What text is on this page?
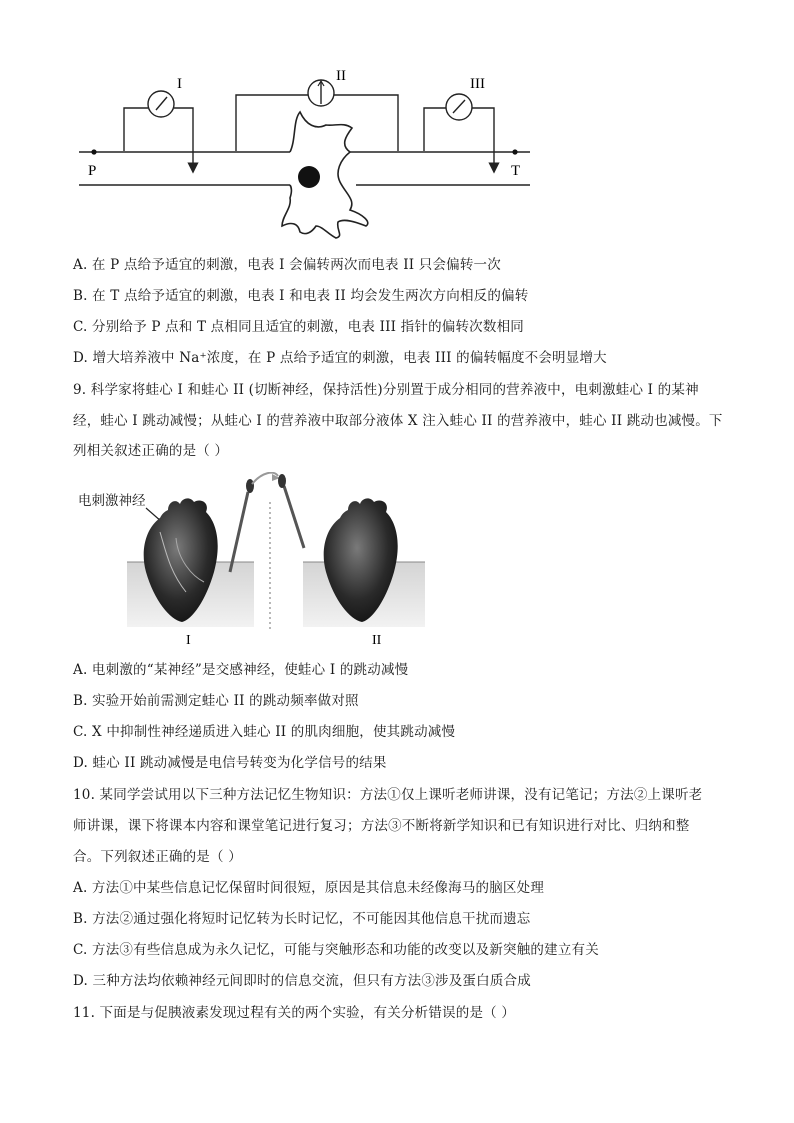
I	II	III
P	T
A. 在 P 点给予适宜的刺激，电表 I 会偏转两次而电表 II 只会偏转一次
B. 在 T 点给予适宜的刺激，电表 I 和电表 II 均会发生两次方向相反的偏转
C. 分别给予 P 点和 T 点相同且适宜的刺激，电表 III 指针的偏转次数相同
D. 增大培养液中 Na⁺浓度，在 P 点给予适宜的刺激，电表 III 的偏转幅度不会明显增大
9. 科学家将蛙心 I 和蛙心 II (切断神经，保持活性)分别置于成分相同的营养液中，电刺激蛙心 I 的某神
经，蛙心 I 跳动减慢；从蛙心 I 的营养液中取部分液体 X 注入蛙心 II 的营养液中，蛙心 II 跳动也减慢。下
列相关叙述正确的是（ ）
电刺激神经
I	II
A. 电刺激的“某神经”是交感神经，使蛙心 I 的跳动减慢
B. 实验开始前需测定蛙心 II 的跳动频率做对照
C. X 中抑制性神经递质进入蛙心 II 的肌肉细胞，使其跳动减慢
D. 蛙心 II 跳动减慢是电信号转变为化学信号的结果
10. 某同学尝试用以下三种方法记忆生物知识：方法①仅上课听老师讲课，没有记笔记；方法②上课听老
师讲课，课下将课本内容和课堂笔记进行复习；方法③不断将新学知识和已有知识进行对比、归纳和整
合。下列叙述正确的是（ ）
A. 方法①中某些信息记忆保留时间很短，原因是其信息未经像海马的脑区处理
B. 方法②通过强化将短时记忆转为长时记忆，不可能因其他信息干扰而遗忘
C. 方法③有些信息成为永久记忆，可能与突触形态和功能的改变以及新突触的建立有关
D. 三种方法均依赖神经元间即时的信息交流，但只有方法③涉及蛋白质合成
11. 下面是与促胰液素发现过程有关的两个实验，有关分析错误的是（ ）
